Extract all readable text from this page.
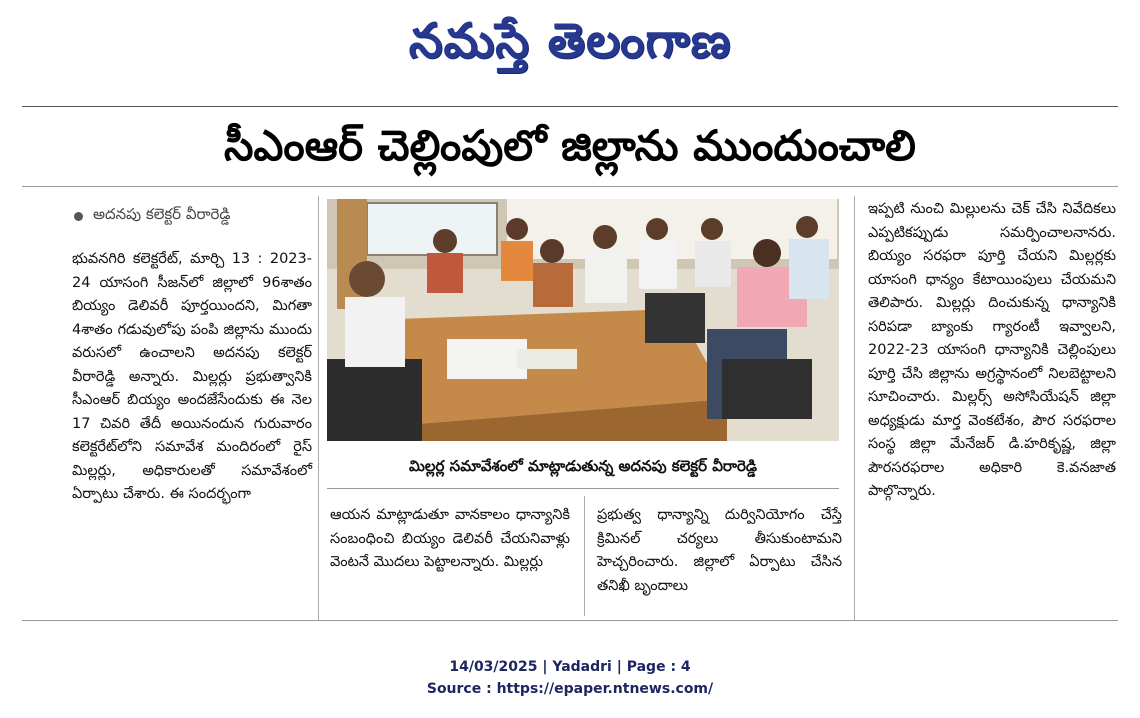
నమస్తే తెలంగాణ
సీఎంఆర్ చెల్లింపులో జిల్లాను ముందుంచాలి
అదనపు కలెక్టర్ వీరారెడ్డి
భువనగిరి కలెక్టరేట్, మార్చి 13 : 2023-24 యాసంగి సీజన్‌లో జిల్లాలో 96శాతం బియ్యం డెలివరీ పూర్తయిందని, మిగతా 4శాతం గడువులోపు పంపి జిల్లాను ముందు వరుసలో ఉంచాలని అదనపు కలెక్టర్ వీరారెడ్డి అన్నారు. మిల్లర్లు ప్రభుత్వానికి సీఎంఆర్ బియ్యం అందజేసేందుకు ఈ నెల 17 చివరి తేదీ అయినందున గురువారం కలెక్టరేట్‌లోని సమావేశ మందిరంలో రైస్ మిల్లర్లు, అధికారులతో సమావేశంలో ఏర్పాటు చేశారు. ఈ సందర్భంగా
మిల్లర్ల సమావేశంలో మాట్లాడుతున్న అదనపు కలెక్టర్ వీరారెడ్డి
ఆయన మాట్లాడుతూ వానకాలం ధాన్యానికి సంబంధించి బియ్యం డెలివరీ చేయనివాళ్లు వెంటనే మొదలు పెట్టాలన్నారు. మిల్లర్లు
ప్రభుత్వ ధాన్యాన్ని దుర్వినియోగం చేస్తే క్రిమినల్ చర్యలు తీసుకుంటామని హెచ్చరించారు. జిల్లాలో ఏర్పాటు చేసిన తనిఖీ బృందాలు
ఇప్పటి నుంచి మిల్లులను చెక్ చేసి నివేదికలు ఎప్పటికప్పుడు సమర్పించాలనానరు. బియ్యం సరఫరా పూర్తి చేయని మిల్లర్లకు యాసంగి ధాన్యం కేటాయింపులు చేయమని తెలిపారు. మిల్లర్లు దించుకున్న ధాన్యానికి సరిపడా బ్యాంకు గ్యారంటీ ఇవ్వాలని, 2022-23 యాసంగి ధాన్యానికి చెల్లింపులు పూర్తి చేసి జిల్లాను అగ్రస్థానంలో నిలబెట్టాలని సూచించారు. మిల్లర్స్ అసోసియేషన్ జిల్లా అధ్యక్షుడు మార్త వెంకటేశం, పౌర సరఫరాల సంస్థ జిల్లా మేనేజర్ డి.హరికృష్ణ, జిల్లా పౌరసరఫరాల అధికారి కె.వనజాత పాల్గొన్నారు.
14/03/2025 | Yadadri | Page : 4
Source : https://epaper.ntnews.com/
